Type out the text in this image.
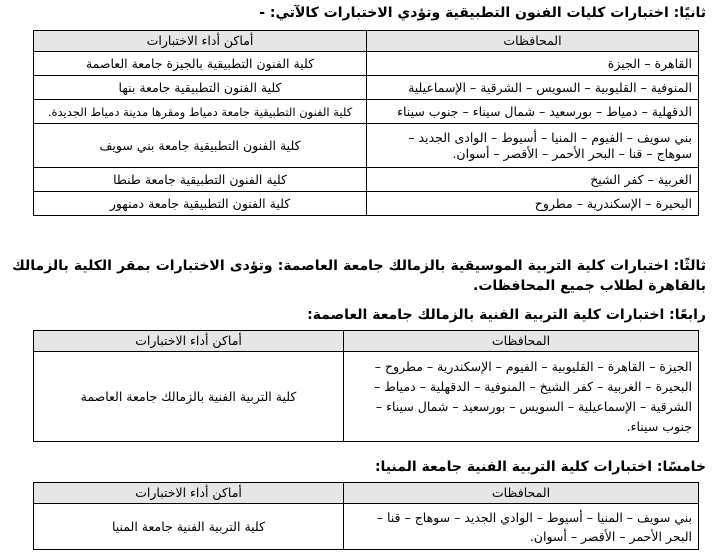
ثانيًا: اختبارات كليات الفنون التطبيقية وتؤدي الاختبارات كالآتي: -
المحافظات	أماكن أداء الاختبارات
القاهرة – الجيزة	كلية الفنون التطبيقية بالجيزة جامعة العاصمة
المنوفية – القليوبية – السويس – الشرقية – الإسماعيلية	كلية الفنون التطبيقية جامعة بنها
الدقهلية – دمياط – بورسعيد – شمال سيناء – جنوب سيناء	كلية الفنون التطبيقية جامعة دمياط ومقرها مدينة دمياط الجديدة.
بني سويف – الفيوم – المنيا – أسيوط – الوادى الجديد – سوهاج – قنا – البحر الأحمر – الأقصر – أسوان.	كلية الفنون التطبيقية جامعة بني سويف
الغربية – كفر الشيخ	كلية الفنون التطبيقية جامعة طنطا
البحيرة – الإسكندرية – مطروح	كلية الفنون التطبيقية جامعة دمنهور
ثالثًا: اختبارات كلية التربية الموسيقية بالزمالك جامعة العاصمة: وتؤدى الاختبارات بمقر الكلية بالزمالك بالقاهرة لطلاب جميع المحافظات.
رابعًا: اختبارات كلية التربية الفنية بالزمالك جامعة العاصمة:
المحافظات	أماكن أداء الاختبارات
الجيزة – القاهرة – القليوبية – الفيوم – الإسكندرية – مطروح – البحيرة – الغربية – كفر الشيخ – المنوفية – الدقهلية – دمياط – الشرقية – الإسماعيلية – السويس – بورسعيد – شمال سيناء – جنوب سيناء.	كلية التربية الفنية بالزمالك جامعة العاصمة
خامسًا: اختبارات كلية التربية الفنية جامعة المنيا:
المحافظات	أماكن أداء الاختبارات
بني سويف – المنيا – أسيوط – الوادي الجديد – سوهاج – قنا – البحر الأحمر – الأقصر – أسوان.	كلية التربية الفنية جامعة المنيا
